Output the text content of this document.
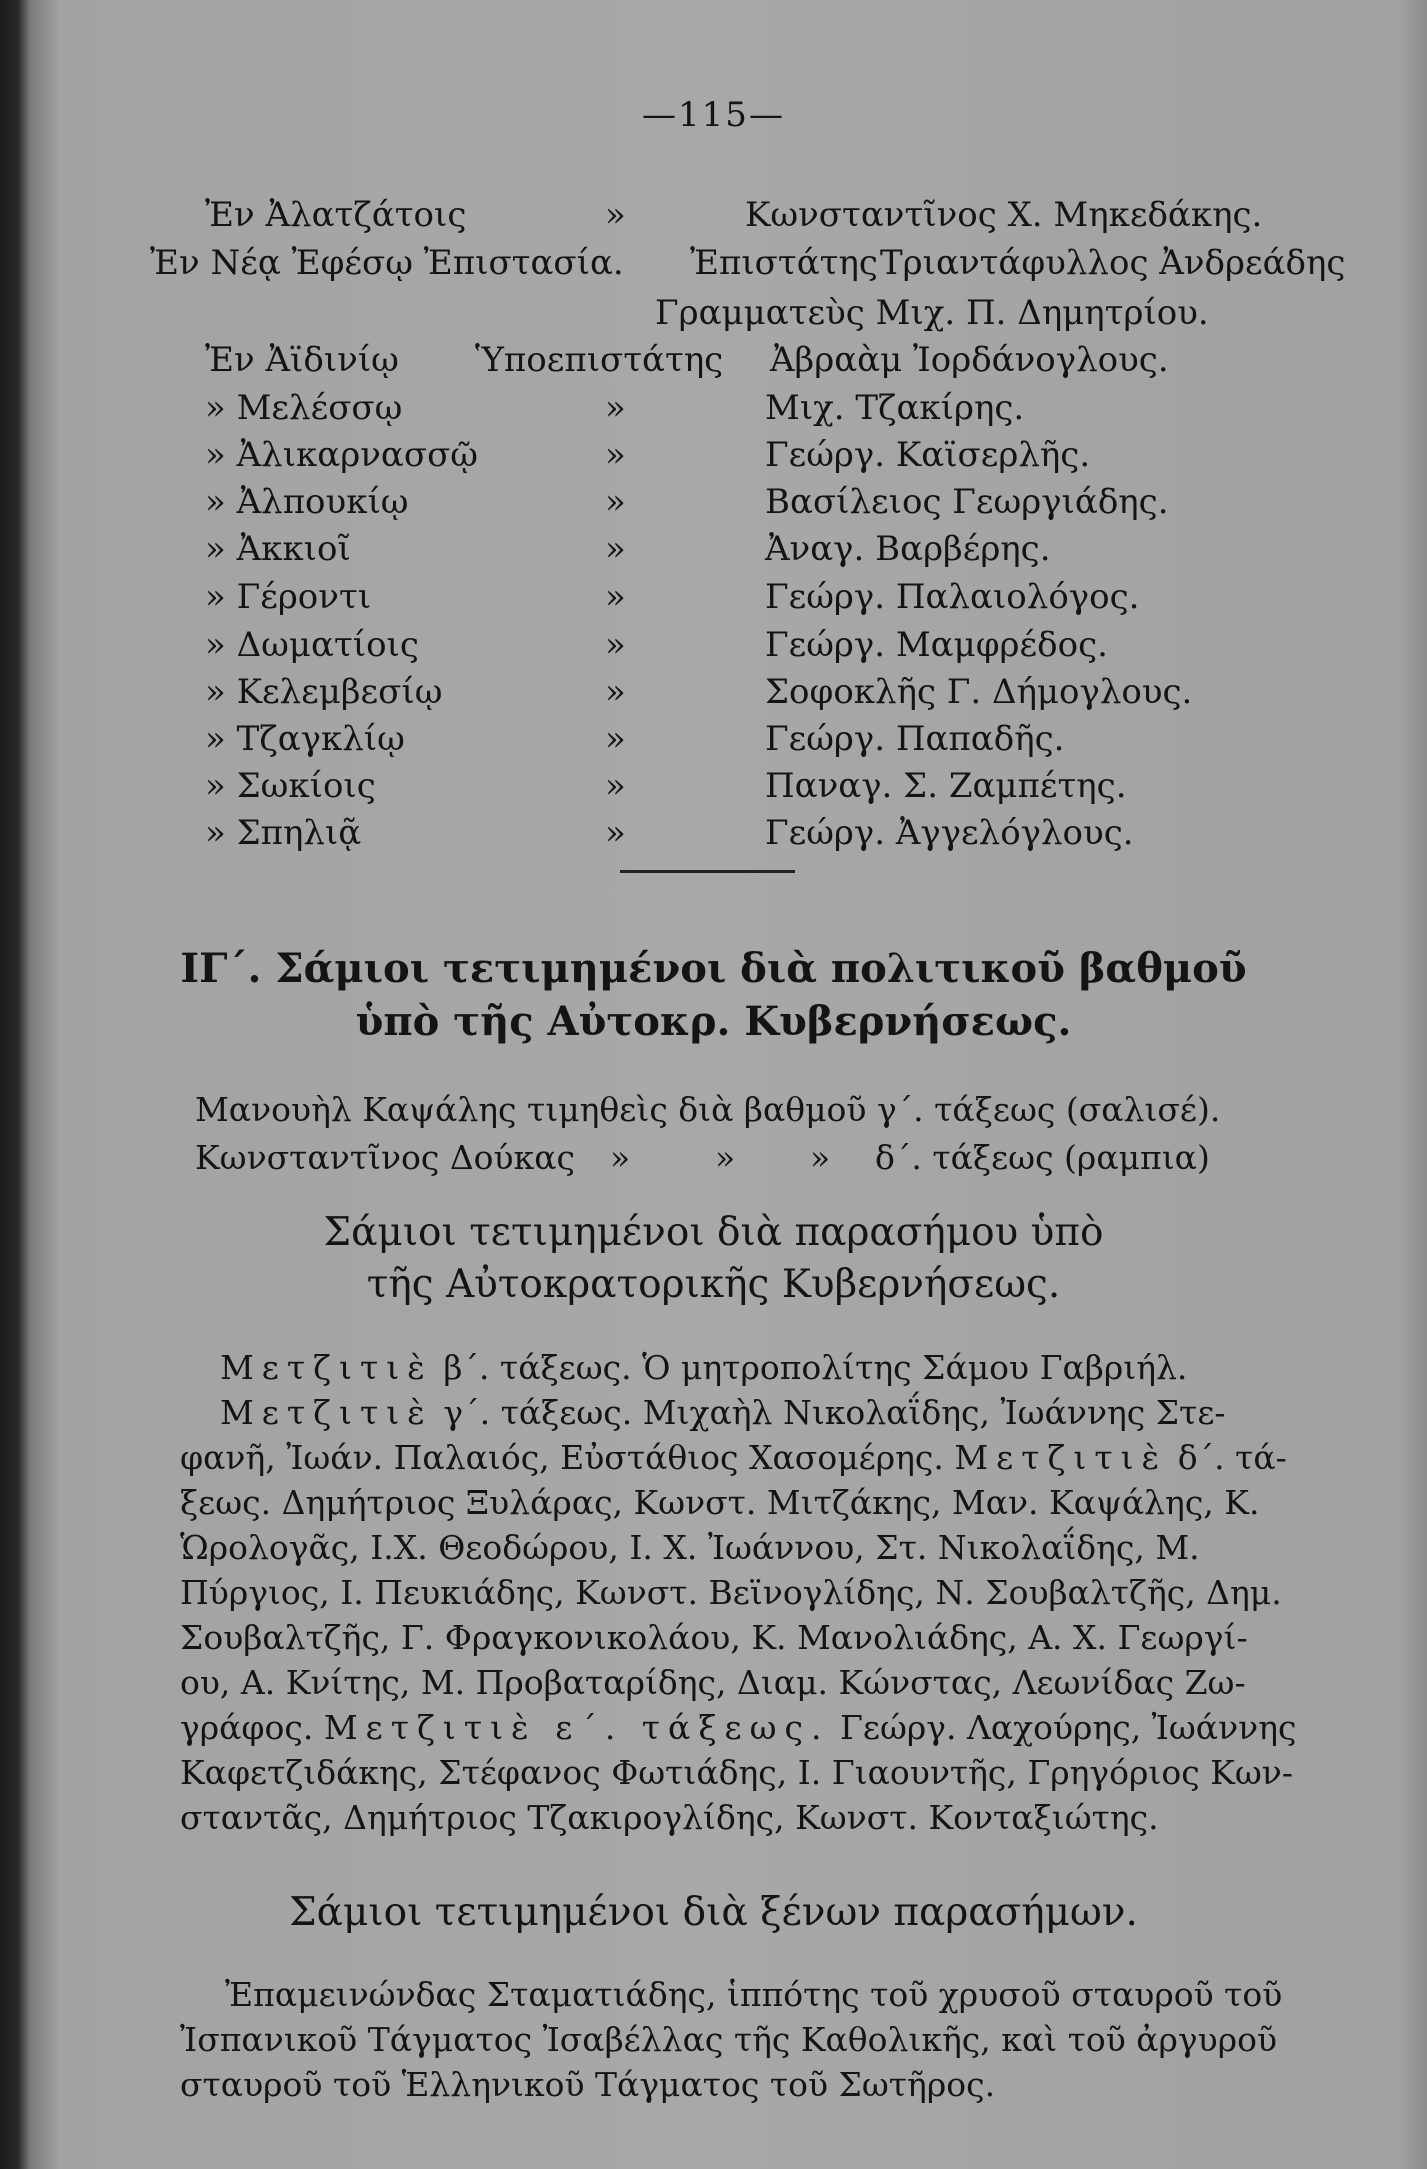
—115—
Ἐν Ἀλατζάτοις	»	Κωνσταντῖνος Χ. Μηκεδάκης.
Ἐν Νέᾳ Ἐφέσῳ Ἐπιστασία. Ἐπιστάτης Τριαντάφυλλος Ἀνδρεάδης
Γραμματεὺς Μιχ. Π. Δημητρίου.
Ἐν Ἀϊδινίῳ Ὑποεπιστάτης Ἀβραὰμ Ἰορδάνογλους.
» Μελέσσῳ	»	Μιχ. Τζακίρης.
» Ἀλικαρνασσῷ	»	Γεώργ. Καϊσερλῆς.
» Ἀλπουκίῳ	»	Βασίλειος Γεωργιάδης.
» Ἀκκιοῖ	»	Ἀναγ. Βαρβέρης.
» Γέροντι	»	Γεώργ. Παλαιολόγος.
» Δωματίοις	»	Γεώργ. Μαμφρέδος.
» Κελεμβεσίῳ	»	Σοφοκλῆς Γ. Δήμογλους.
» Τζαγκλίῳ	»	Γεώργ. Παπαδῆς.
» Σωκίοις	»	Παναγ. Σ. Ζαμπέτης.
» Σπηλιᾷ	»	Γεώργ. Ἀγγελόγλους.
ΙΓ΄. Σάμιοι τετιμημένοι διὰ πολιτικοῦ βαθμοῦ
ὑπὸ τῆς Αὐτοκρ. Κυβερνήσεως.
Μανουὴλ Καψάλης τιμηθεὶς διὰ βαθμοῦ γ΄. τάξεως (σαλισέ).
Κωνσταντῖνος Δούκας »	» » δ΄. τάξεως (ραμπια)
Σάμιοι τετιμημένοι διὰ παρασήμου ὑπὸ
τῆς Αὐτοκρατορικῆς Κυβερνήσεως.
Μετζιτιὲ β΄. τάξεως. Ὁ μητροπολίτης Σάμου Γαβριήλ.
Μετζιτιὲ γ΄. τάξεως. Μιχαὴλ Νικολαΐδης, Ἰωάννης Στε-
φανῆ, Ἰωάν. Παλαιός, Εὐστάθιος Χασομέρης. Μετζιτιὲ δ΄. τά-
ξεως. Δημήτριος Ξυλάρας, Κωνστ. Μιτζάκης, Μαν. Καψάλης, Κ.
Ὡρολογᾶς, Ι.Χ. Θεοδώρου, Ι. Χ. Ἰωάννου, Στ. Νικολαΐδης, Μ.
Πύργιος, Ι. Πευκιάδης, Κωνστ. Βεϊνογλίδης, Ν. Σουβαλτζῆς, Δημ.
Σουβαλτζῆς, Γ. Φραγκονικολάου, Κ. Μανολιάδης, Α. Χ. Γεωργί-
ου, Α. Κνίτης, Μ. Προβαταρίδης, Διαμ. Κώνστας, Λεωνίδας Ζω-
γράφος. Μετζιτιὲ ε΄. τάξεως. Γεώργ. Λαχούρης, Ἰωάννης
Καφετζιδάκης, Στέφανος Φωτιάδης, Ι. Γιαουντῆς, Γρηγόριος Κων-
σταντᾶς, Δημήτριος Τζακιρογλίδης, Κωνστ. Κονταξιώτης.
Σάμιοι τετιμημένοι διὰ ξένων παρασήμων.
Ἐπαμεινώνδας Σταματιάδης, ἱππότης τοῦ χρυσοῦ σταυροῦ τοῦ
Ἰσπανικοῦ Τάγματος Ἰσαβέλλας τῆς Καθολικῆς, καὶ τοῦ ἀργυροῦ
σταυροῦ τοῦ Ἑλληνικοῦ Τάγματος τοῦ Σωτῆρος.
